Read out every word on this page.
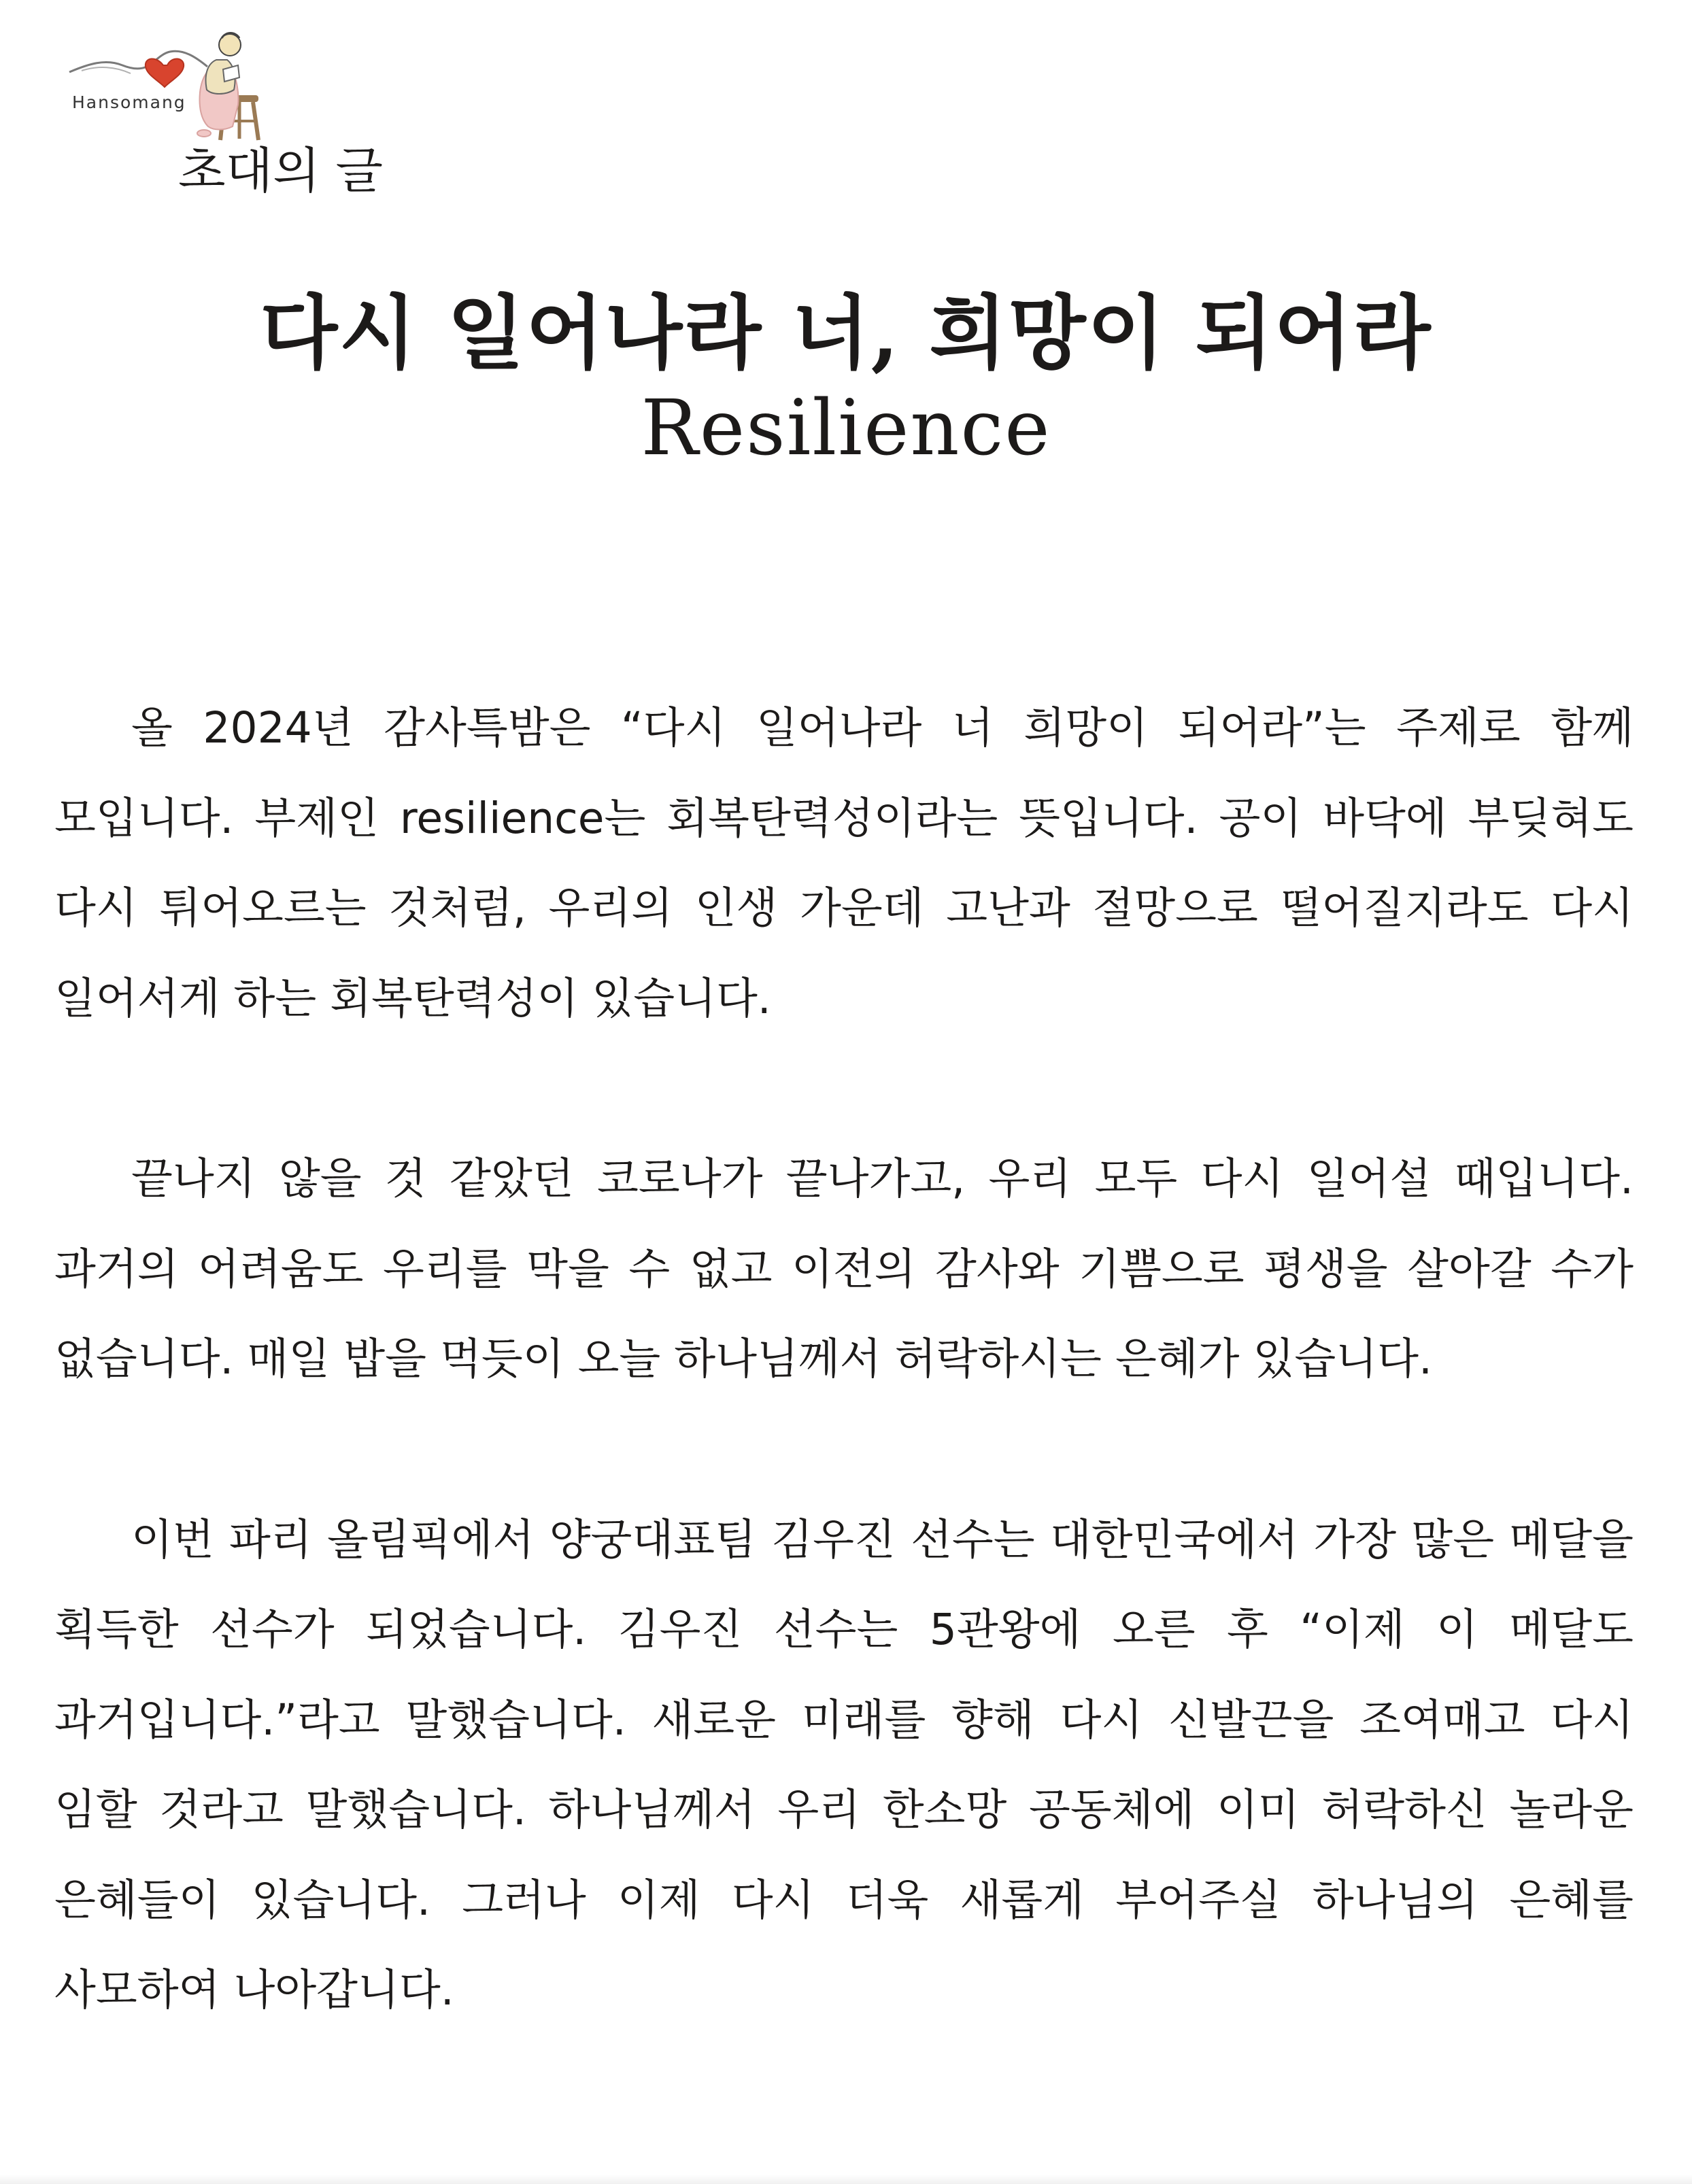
Hansomang
초대의 글
다시 일어나라 너, 희망이 되어라
Resilience

올 2024년 감사특밤은 “다시 일어나라 너 희망이 되어라”는 주제로 함께 모입니다. 부제인 resilience는 회복탄력성이라는 뜻입니다. 공이 바닥에 부딪혀도 다시 튀어오르는 것처럼, 우리의 인생 가운데 고난과 절망으로 떨어질지라도 다시 일어서게 하는 회복탄력성이 있습니다.

끝나지 않을 것 같았던 코로나가 끝나가고, 우리 모두 다시 일어설 때입니다. 과거의 어려움도 우리를 막을 수 없고 이전의 감사와 기쁨으로 평생을 살아갈 수가 없습니다. 매일 밥을 먹듯이 오늘 하나님께서 허락하시는 은혜가 있습니다.

이번 파리 올림픽에서 양궁대표팀 김우진 선수는 대한민국에서 가장 많은 메달을 획득한 선수가 되었습니다. 김우진 선수는 5관왕에 오른 후 “이제 이 메달도 과거입니다.”라고 말했습니다. 새로운 미래를 향해 다시 신발끈을 조여매고 다시 임할 것라고 말했습니다. 하나님께서 우리 한소망 공동체에 이미 허락하신 놀라운 은혜들이 있습니다. 그러나 이제 다시 더욱 새롭게 부어주실 하나님의 은혜를 사모하여 나아갑니다.
